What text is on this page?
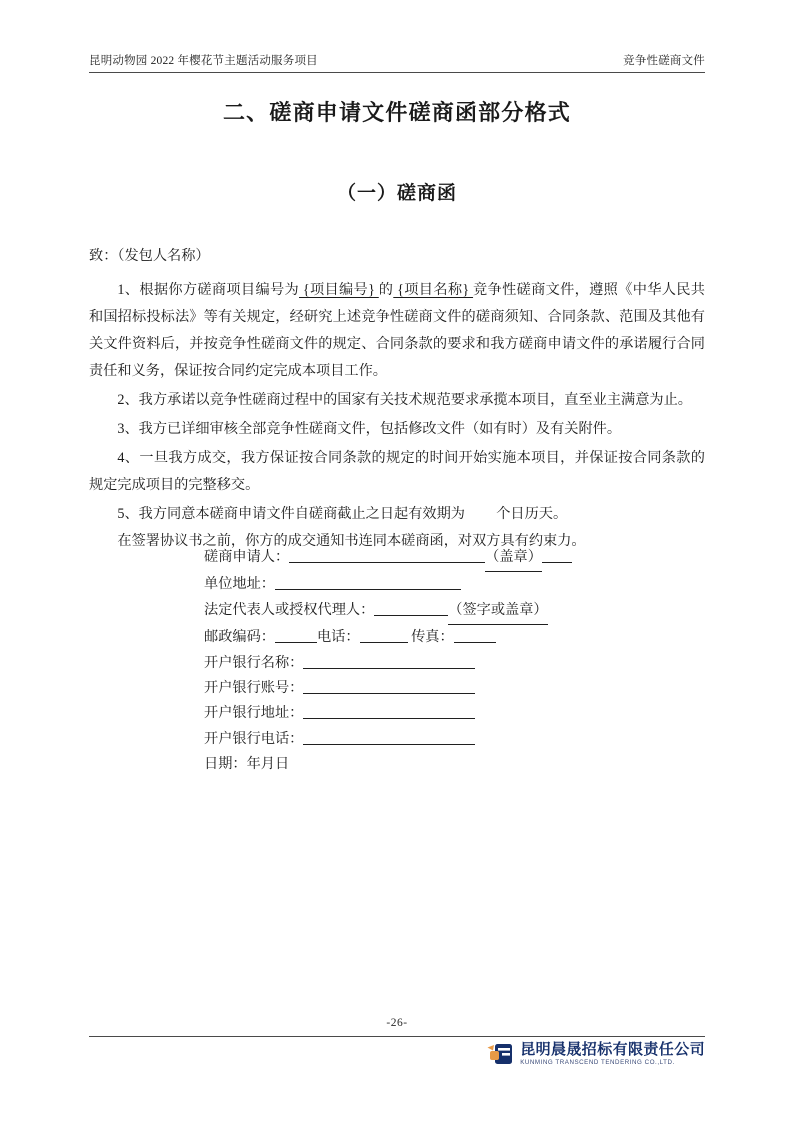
昆明动物园 2022 年樱花节主题活动服务项目	竞争性磋商文件
二、磋商申请文件磋商函部分格式
（一）磋商函

致：（发包人名称）

1、根据你方磋商项目编号为 {项目编号} 的 {项目名称} 竞争性磋商文件，遵照《中华人民共和国招标投标法》等有关规定，经研究上述竞争性磋商文件的磋商须知、合同条款、范围及其他有关文件资料后，并按竞争性磋商文件的规定、合同条款的要求和我方磋商申请文件的承诺履行合同责任和义务，保证按合同约定完成本项目工作。

2、我方承诺以竞争性磋商过程中的国家有关技术规范要求承揽本项目，直至业主满意为止。

3、我方已详细审核全部竞争性磋商文件，包括修改文件（如有时）及有关附件。

4、一旦我方成交，我方保证按合同条款的规定的时间开始实施本项目，并保证按合同条款的规定完成项目的完整移交。

5、我方同意本磋商申请文件自磋商截止之日起有效期为 个日历天。

在签署协议书之前，你方的成交通知书连同本磋商函，对双方具有约束力。

磋商申请人：	（盖章）
单位地址：
法定代表人或授权代理人：	（签字或盖章）
邮政编码：	电话：	传真：
开户银行名称：
开户银行账号：
开户银行地址：
开户银行电话：
日期：年月日
-26-
昆明晨晟招标有限责任公司
KUNMING TRANSCEND TENDERING CO.,LTD.
